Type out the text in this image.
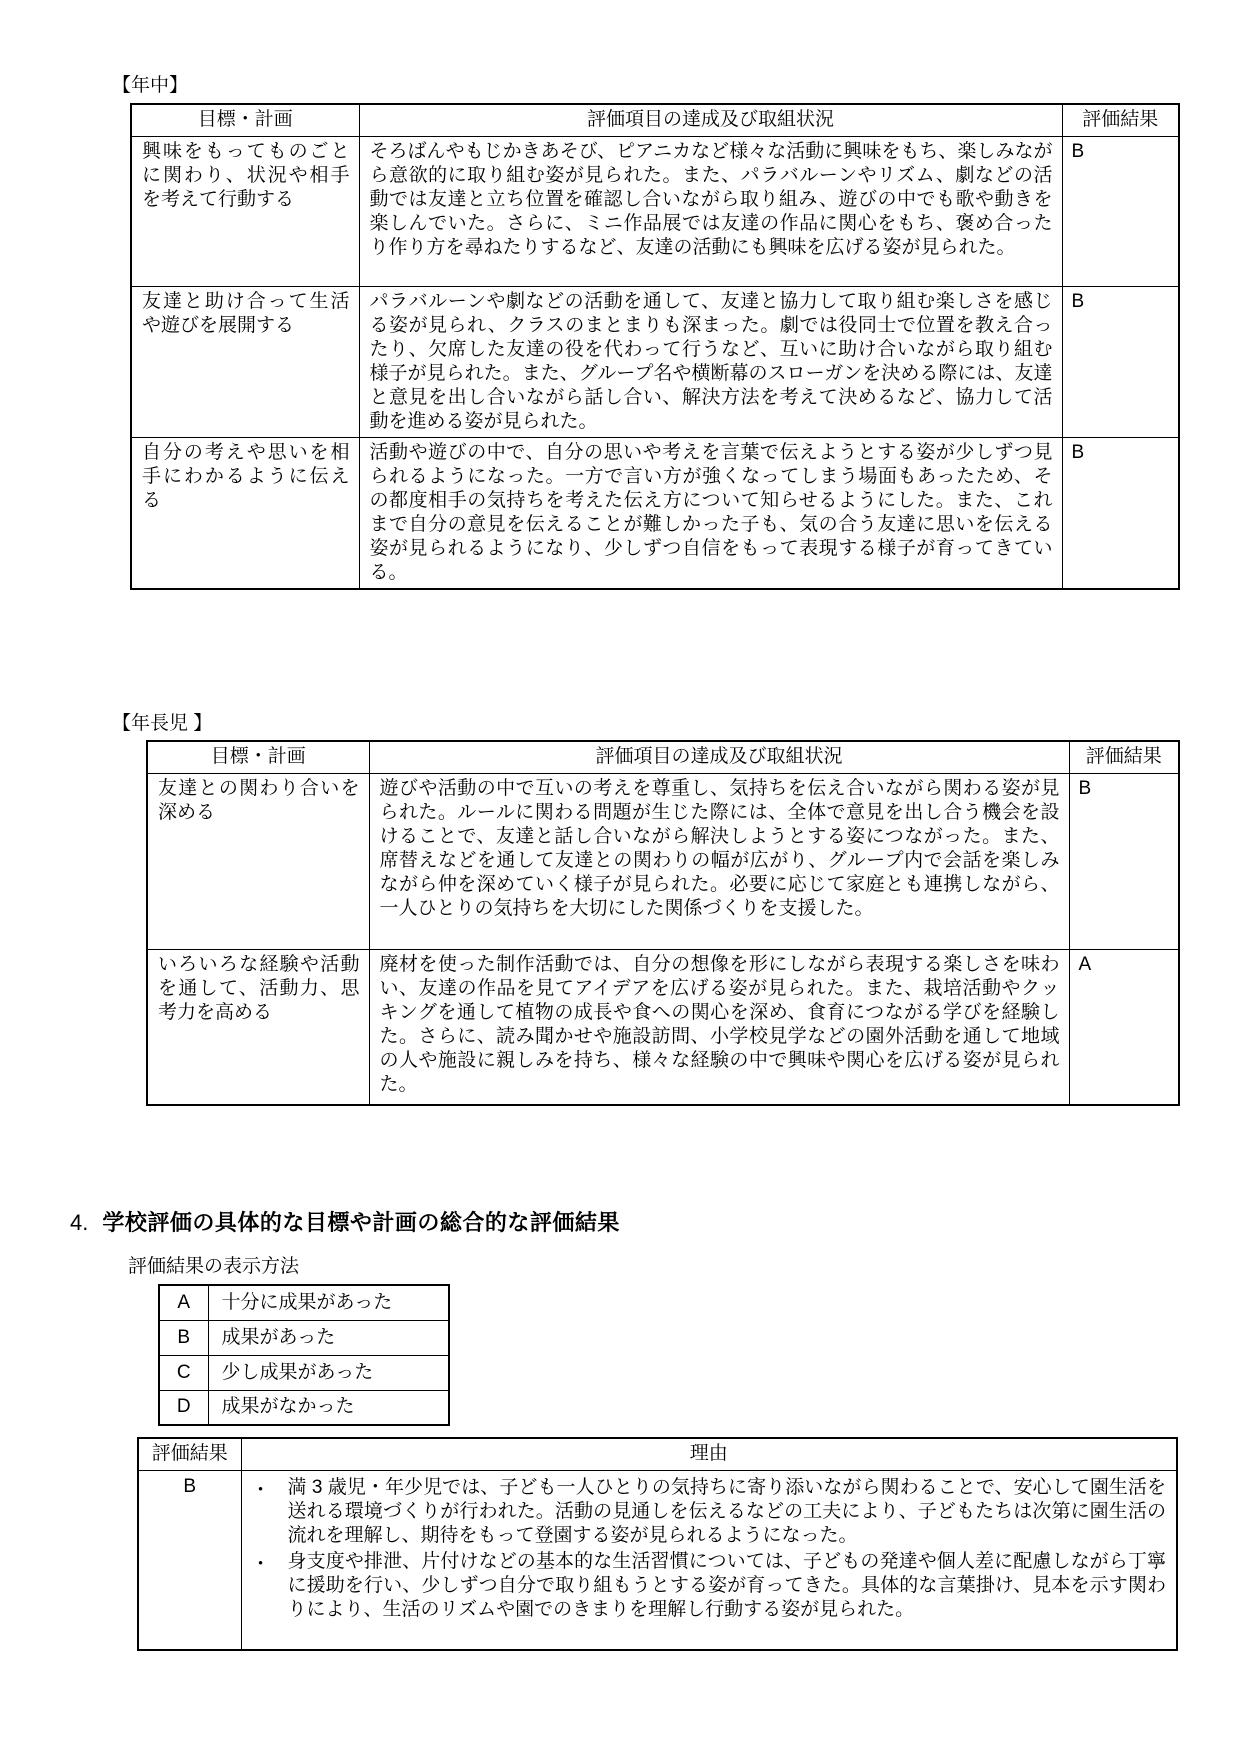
【年中】
目標・計画	評価項目の達成及び取組状況	評価結果
興味をもってものごとに関わり、状況や相手を考えて行動する	そろばんやもじかきあそび、ピアニカなど様々な活動に興味をもち、楽しみながら意欲的に取り組む姿が見られた。また、パラバルーンやリズム、劇などの活動では友達と立ち位置を確認し合いながら取り組み、遊びの中でも歌や動きを楽しんでいた。さらに、ミニ作品展では友達の作品に関心をもち、褒め合ったり作り方を尋ねたりするなど、友達の活動にも興味を広げる姿が見られた。	B
友達と助け合って生活や遊びを展開する	パラバルーンや劇などの活動を通して、友達と協力して取り組む楽しさを感じる姿が見られ、クラスのまとまりも深まった。劇では役同士で位置を教え合ったり、欠席した友達の役を代わって行うなど、互いに助け合いながら取り組む様子が見られた。また、グループ名や横断幕のスローガンを決める際には、友達と意見を出し合いながら話し合い、解決方法を考えて決めるなど、協力して活動を進める姿が見られた。	B
自分の考えや思いを相手にわかるように伝える	活動や遊びの中で、自分の思いや考えを言葉で伝えようとする姿が少しずつ見られるようになった。一方で言い方が強くなってしまう場面もあったため、その都度相手の気持ちを考えた伝え方について知らせるようにした。また、これまで自分の意見を伝えることが難しかった子も、気の合う友達に思いを伝える姿が見られるようになり、少しずつ自信をもって表現する様子が育ってきている。	B
【年長児 】
目標・計画	評価項目の達成及び取組状況	評価結果
友達との関わり合いを深める	遊びや活動の中で互いの考えを尊重し、気持ちを伝え合いながら関わる姿が見られた。ルールに関わる問題が生じた際には、全体で意見を出し合う機会を設けることで、友達と話し合いながら解決しようとする姿につながった。また、席替えなどを通して友達との関わりの幅が広がり、グループ内で会話を楽しみながら仲を深めていく様子が見られた。必要に応じて家庭とも連携しながら、一人ひとりの気持ちを大切にした関係づくりを支援した。	B
いろいろな経験や活動を通して、活動力、思考力を高める	廃材を使った制作活動では、自分の想像を形にしながら表現する楽しさを味わい、友達の作品を見てアイデアを広げる姿が見られた。また、栽培活動やクッキングを通して植物の成長や食への関心を深め、食育につながる学びを経験した。さらに、読み聞かせや施設訪問、小学校見学などの園外活動を通して地域の人や施設に親しみを持ち、様々な経験の中で興味や関心を広げる姿が見られた。	A
4. 学校評価の具体的な目標や計画の総合的な評価結果
評価結果の表示方法
A	十分に成果があった
B	成果があった
C	少し成果があった
D	成果がなかった
評価結果	理由
B	• 満 3 歳児・年少児では、子ども一人ひとりの気持ちに寄り添いながら関わることで、安心して園生活を送れる環境づくりが行われた。活動の見通しを伝えるなどの工夫により、子どもたちは次第に園生活の流れを理解し、期待をもって登園する姿が見られるようになった。
• 身支度や排泄、片付けなどの基本的な生活習慣については、子どもの発達や個人差に配慮しながら丁寧に援助を行い、少しずつ自分で取り組もうとする姿が育ってきた。具体的な言葉掛け、見本を示す関わりにより、生活のリズムや園でのきまりを理解し行動する姿が見られた。
